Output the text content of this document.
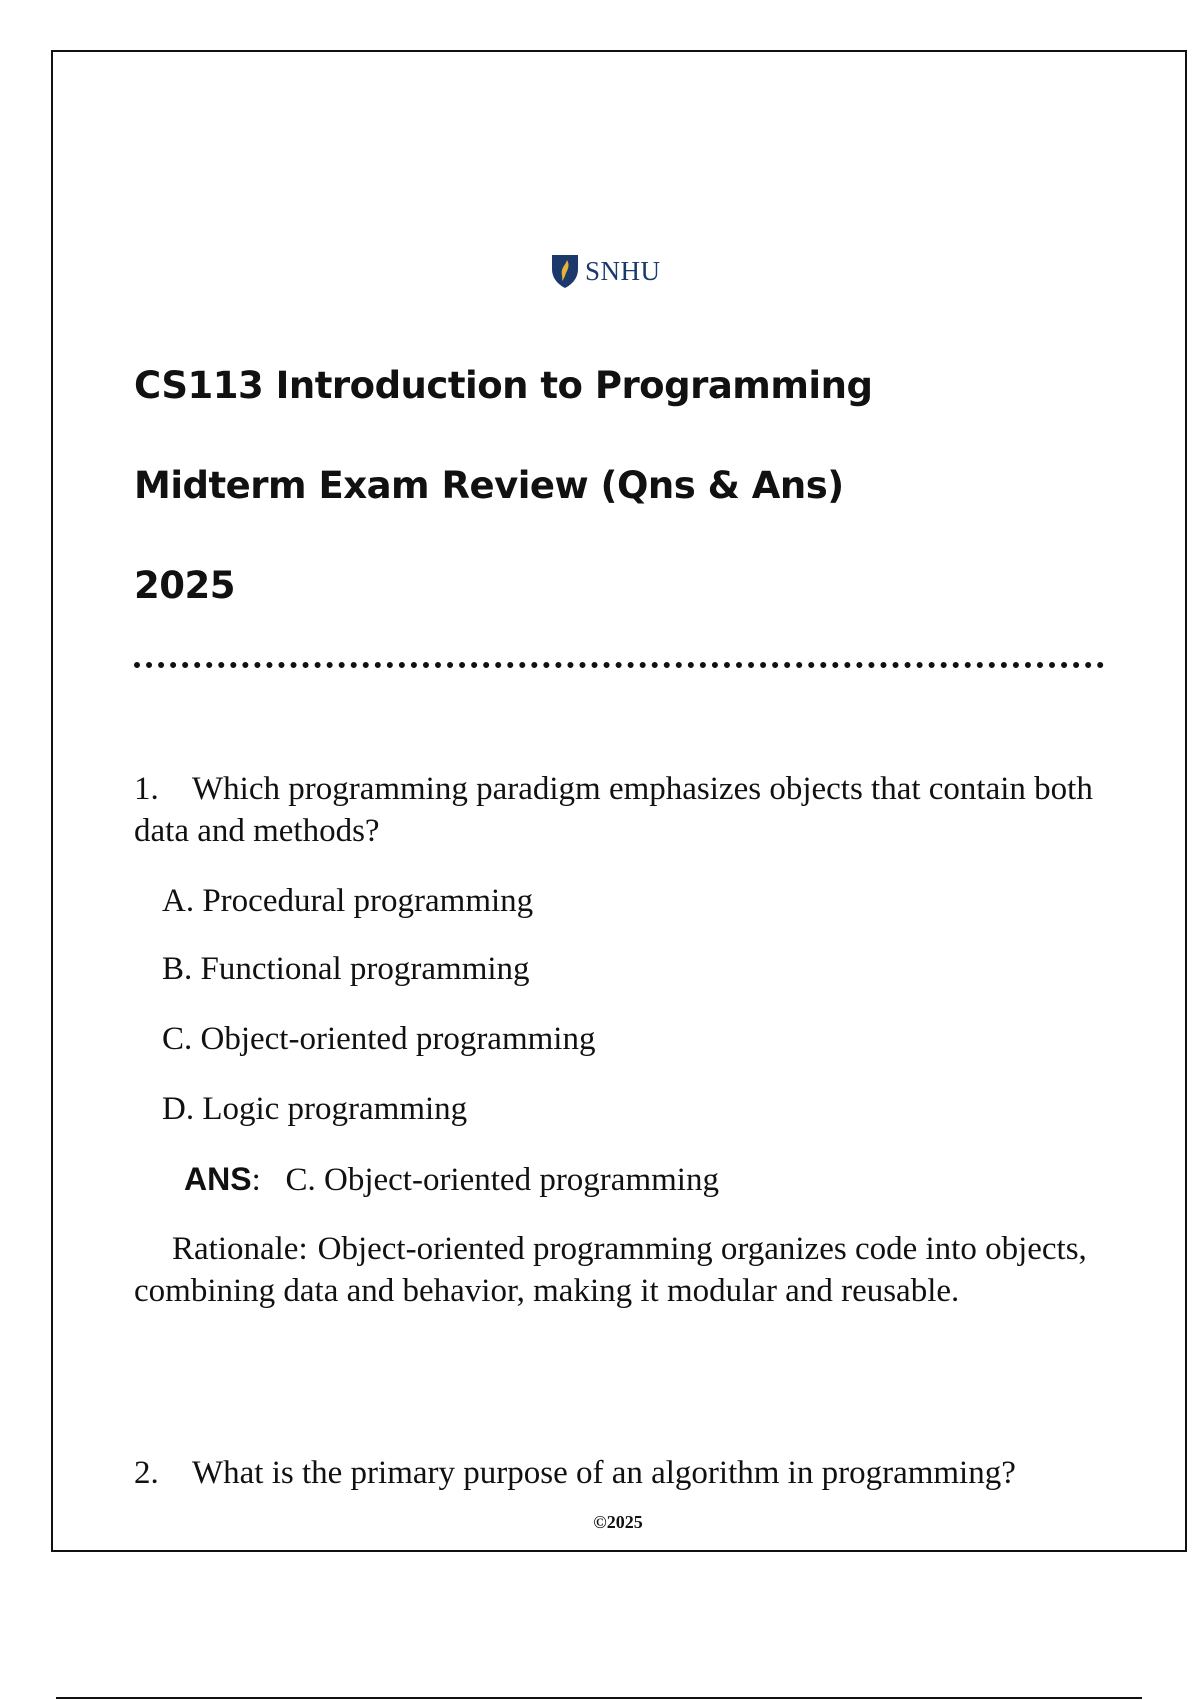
SNHU
CS113 Introduction to Programming
Midterm Exam Review (Qns & Ans)
2025
1. Which programming paradigm emphasizes objects that contain both data and methods?
A. Procedural programming
B. Functional programming
C. Object-oriented programming
D. Logic programming
ANS: C. Object-oriented programming
Rationale: Object-oriented programming organizes code into objects, combining data and behavior, making it modular and reusable.
2. What is the primary purpose of an algorithm in programming?
©2025
